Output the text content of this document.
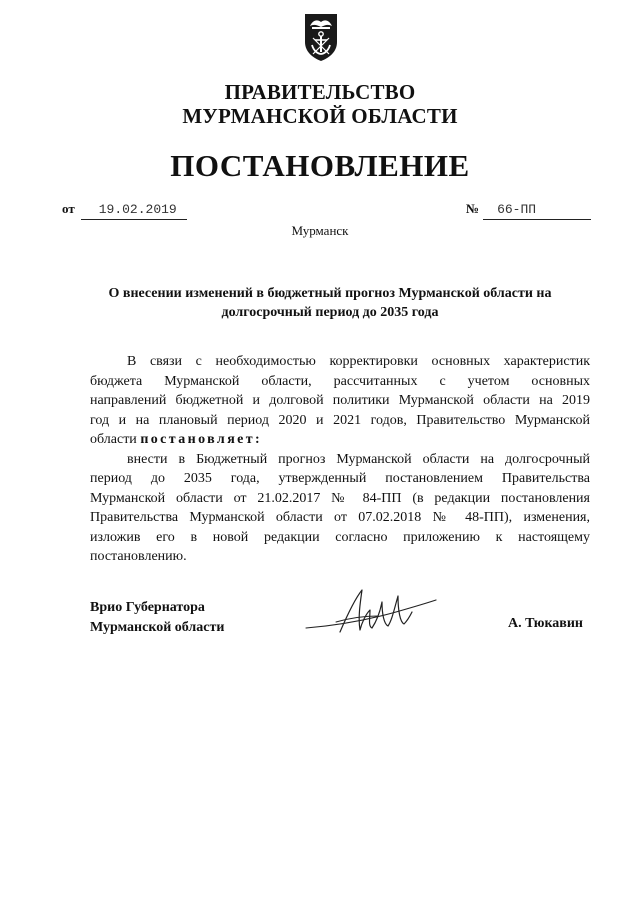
ПРАВИТЕЛЬСТВО
МУРМАНСКОЙ ОБЛАСТИ
ПОСТАНОВЛЕНИЕ
от 19.02.2019	№ 66-ПП
Мурманск
О внесении изменений в бюджетный прогноз Мурманской области на
долгосрочный период до 2035 года
В связи с необходимостью корректировки основных характеристик
бюджета Мурманской области, рассчитанных с учетом основных
направлений бюджетной и долговой политики Мурманской области на 2019
год и на плановый период 2020 и 2021 годов, Правительство Мурманской
области постановляет:
внести в Бюджетный прогноз Мурманской области на долгосрочный
период до 2035 года, утвержденный постановлением Правительства
Мурманской области от 21.02.2017 № 84-ПП (в редакции постановления
Правительства Мурманской области от 07.02.2018 № 48-ПП), изменения,
изложив его в новой редакции согласно приложению к настоящему
постановлению.
Врио Губернатора
Мурманской области	А. Тюкавин
